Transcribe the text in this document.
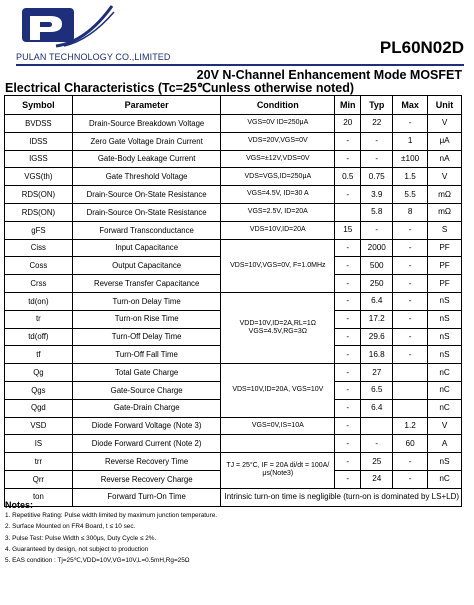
PULAN TECHNOLOGY CO.,LIMITED	PL60N02D
20V N-Channel Enhancement Mode MOSFET
Electrical Characteristics (Tc=25℃unless otherwise noted)
Symbol	Parameter	Condition	Min	Typ	Max	Unit
BVDSS	Drain-Source Breakdown Voltage	VGS=0V ID=250μA	20	22	-	V
IDSS	Zero Gate Voltage Drain Current	VDS=20V,VGS=0V	-	-	1	μA
IGSS	Gate-Body Leakage Current	VGS=±12V,VDS=0V	-	-	±100	nA
VGS(th)	Gate Threshold Voltage	VDS=VGS,ID=250μA	0.5	0.75	1.5	V
RDS(ON)	Drain-Source On-State Resistance	VGS=4.5V, ID=30 A	-	3.9	5.5	mΩ
RDS(ON)	Drain-Source On-State Resistance	VGS=2.5V, ID=20A		5.8	8	mΩ
gFS	Forward Transconductance	VDS=10V,ID=20A	15	-	-	S
Ciss	Input Capacitance	VDS=10V,VGS=0V, F=1.0MHz	-	2000	-	PF
Coss	Output Capacitance		-	500	-	PF
Crss	Reverse Transfer Capacitance		-	250	-	PF
td(on)	Turn-on Delay Time	VDD=10V,ID=2A,RL=1Ω VGS=4.5V,RG=3Ω	-	6.4	-	nS
tr	Turn-on Rise Time		-	17.2	-	nS
td(off)	Turn-Off Delay Time		-	29.6	-	nS
tf	Turn-Off Fall Time		-	16.8	-	nS
Qg	Total Gate Charge	VDS=10V,ID=20A, VGS=10V	-	27		nC
Qgs	Gate-Source Charge		-	6.5		nC
Qgd	Gate-Drain Charge		-	6.4		nC
VSD	Diode Forward Voltage (Note 3)	VGS=0V,IS=10A	-		1.2	V
IS	Diode Forward Current (Note 2)		-	-	60	A
trr	Reverse Recovery Time	TJ = 25°C, IF = 20A di/dt = 100A/μs(Note3)	-	25	-	nS
Qrr	Reverse Recovery Charge		-	24	-	nC
ton	Forward Turn-On Time	Intrinsic turn-on time is negligible (turn-on is dominated by LS+LD)				
Notes:
1. Repetitive Rating: Pulse width limited by maximum junction temperature.
2. Surface Mounted on FR4 Board, t ≤ 10 sec.
3. Pulse Test: Pulse Width ≤ 300μs, Duty Cycle ≤ 2%.
4. Guaranteed by design, not subject to production
5. EAS condition : Tj=25℃,VDD=10V,VG=10V,L=0.5mH,Rg=25Ω
